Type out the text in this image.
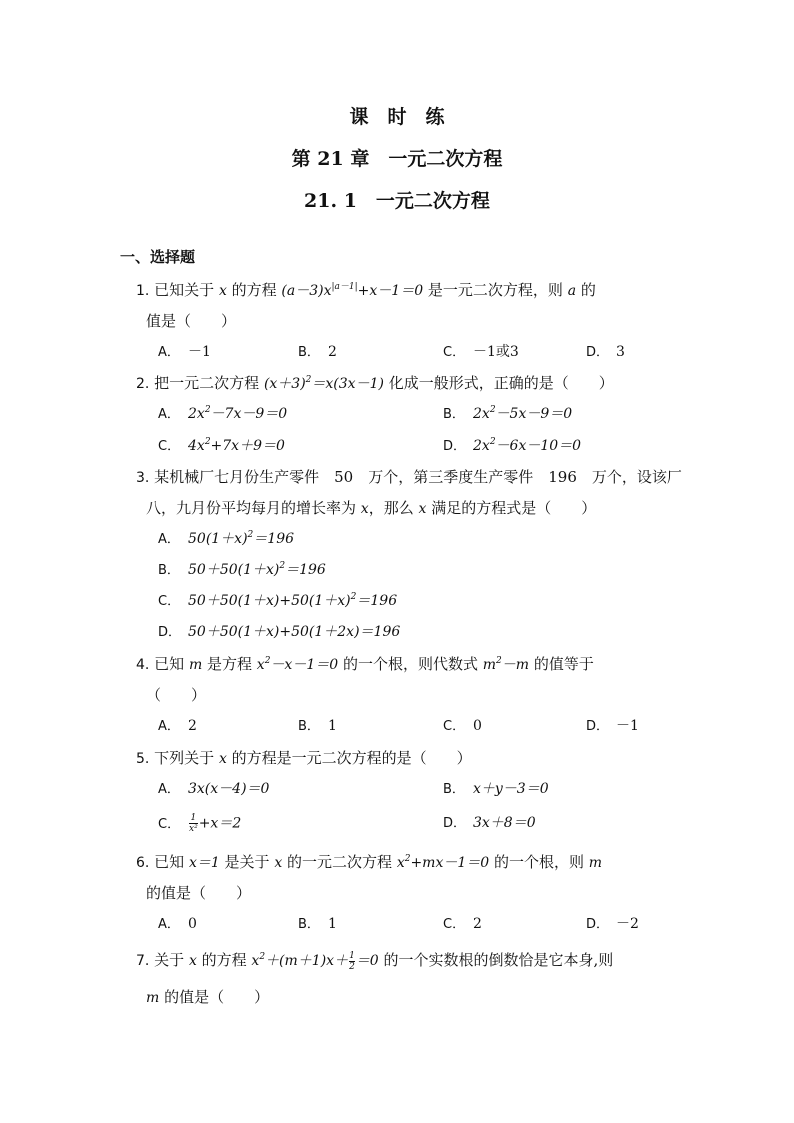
课　时　练
第 21 章　一元二次方程
21. 1　一元二次方程
一、选择题
1. 已知关于 x 的方程 $(a-3)x^{|a-1|}+x-1=0$ 是一元二次方程，则 a 的
值是（　　）
A． －1	B． 2	C． －1或3	D． 3
2. 把一元二次方程 $(x+3)^2=x(3x-1)$ 化成一般形式，正确的是（　　）
A． $2x^2-7x-9=0$	B． $2x^2-5x-9=0$
C． $4x^2+7x+9=0$	D． $2x^2-6x-10=0$
3. 某机械厂七月份生产零件　50　万个，第三季度生产零件　196　万个，设该厂
八，九月份平均每月的增长率为 x，那么 x 满足的方程式是（　　）
A． $50(1+x)^2=196$
B． $50+50(1+x)^2=196$
C． $50+50(1+x)+50(1+x)^2=196$
D． 50＋50(1＋x)+50(1＋2x)＝196
4. 已知 m 是方程 $x^2-x-1=0$ 的一个根，则代数式 $m^2-m$ 的值等于
（　　）
A． 2	B． 1	C． 0	D． －1
5. 下列关于 x 的方程是一元二次方程的是（　　）
A． 3x(x－4)＝0	B． x＋y－3＝0
C． $\frac{1}{\text{x²}} +x=2$	D． 3x＋8＝0
6. 已知 x＝1 是关于 x 的一元二次方程 $x^2+mx-1=0$ 的一个根，则 m
的值是（　　）
A． 0	B． 1	C． 2	D． －2
7. 关于 x 的方程 $x^2+(m+1)x+ \frac{1}{2} =0$ 的一个实数根的倒数恰是它本身,则
m 的值是（　　）
